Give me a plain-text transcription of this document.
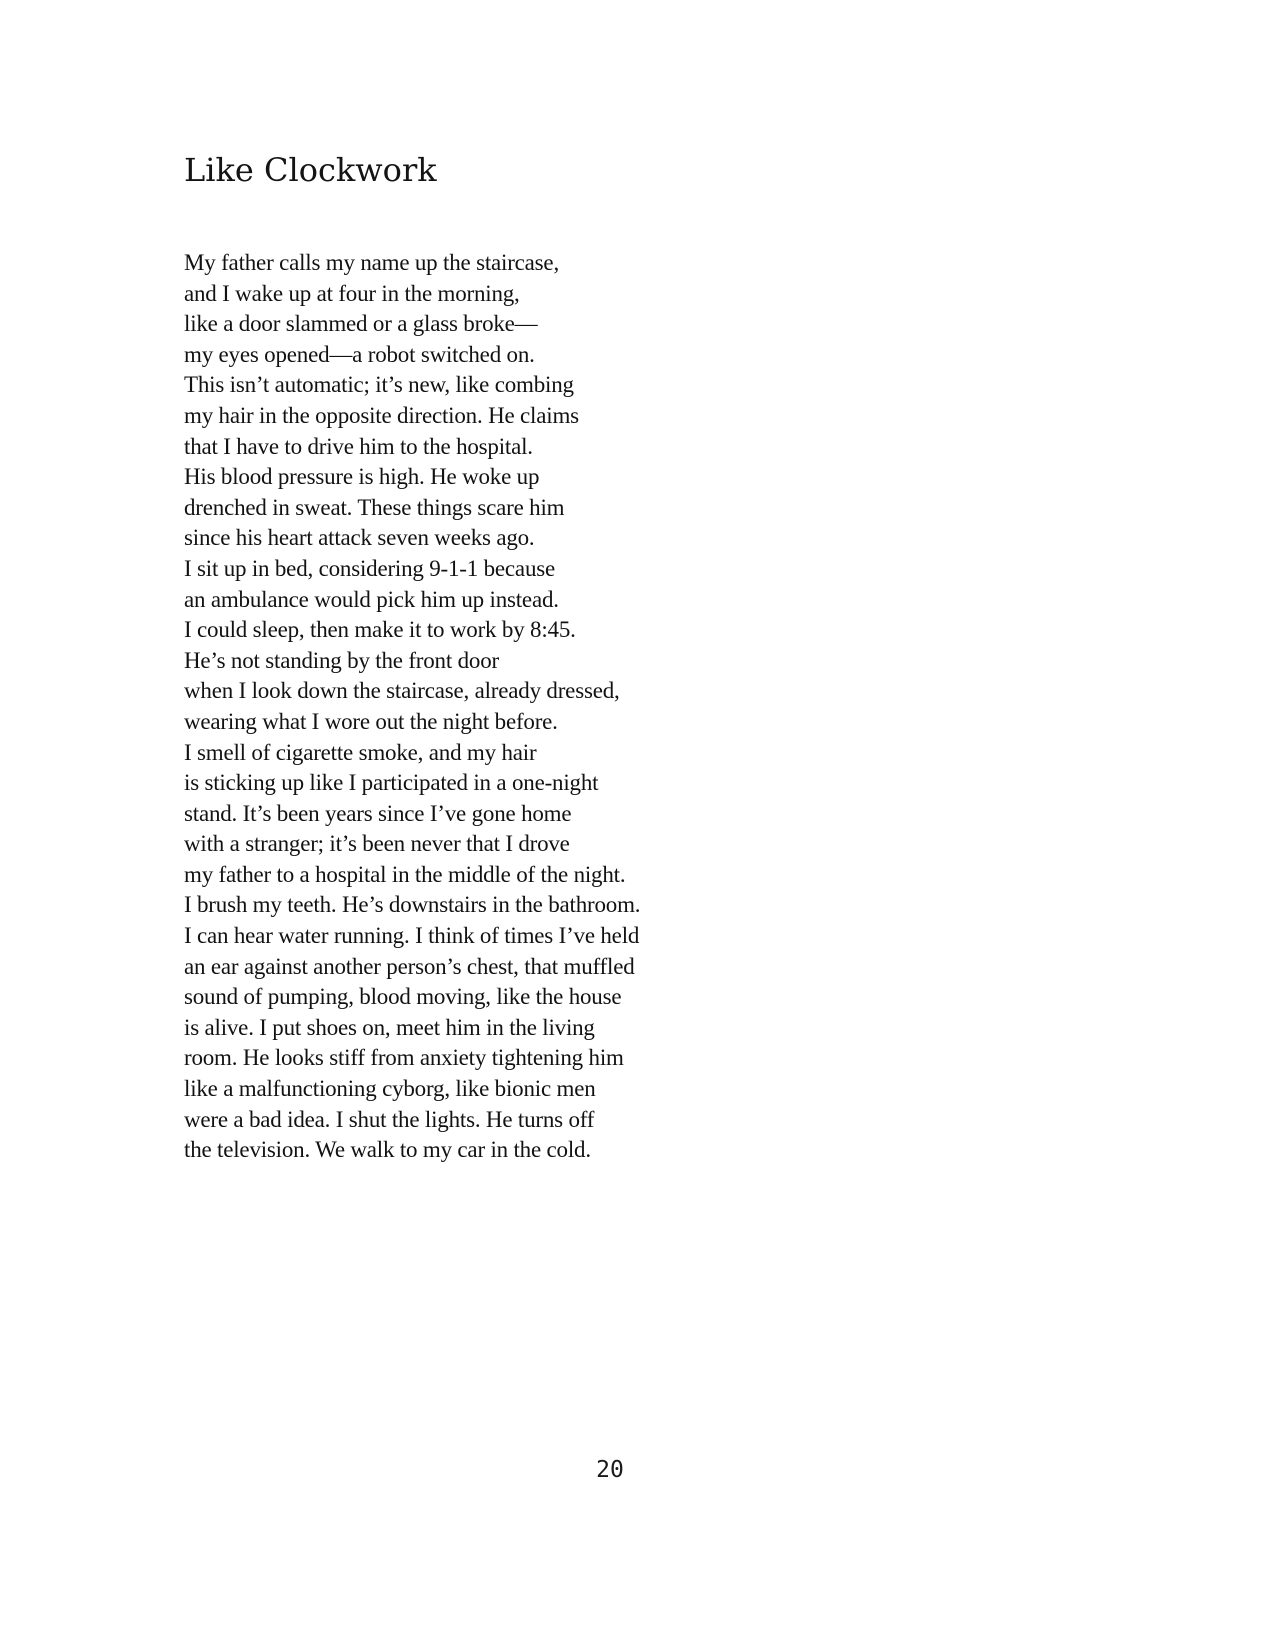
Like Clockwork
My father calls my name up the staircase,
and I wake up at four in the morning,
like a door slammed or a glass broke—
my eyes opened—a robot switched on.
This isn’t automatic; it’s new, like combing
my hair in the opposite direction. He claims
that I have to drive him to the hospital.
His blood pressure is high. He woke up
drenched in sweat. These things scare him
since his heart attack seven weeks ago.
I sit up in bed, considering 9-1-1 because
an ambulance would pick him up instead.
I could sleep, then make it to work by 8:45.
He’s not standing by the front door
when I look down the staircase, already dressed,
wearing what I wore out the night before.
I smell of cigarette smoke, and my hair
is sticking up like I participated in a one-night
stand. It’s been years since I’ve gone home
with a stranger; it’s been never that I drove
my father to a hospital in the middle of the night.
I brush my teeth. He’s downstairs in the bathroom.
I can hear water running. I think of times I’ve held
an ear against another person’s chest, that muffled
sound of pumping, blood moving, like the house
is alive. I put shoes on, meet him in the living
room. He looks stiff from anxiety tightening him
like a malfunctioning cyborg, like bionic men
were a bad idea. I shut the lights. He turns off
the television. We walk to my car in the cold.
20
